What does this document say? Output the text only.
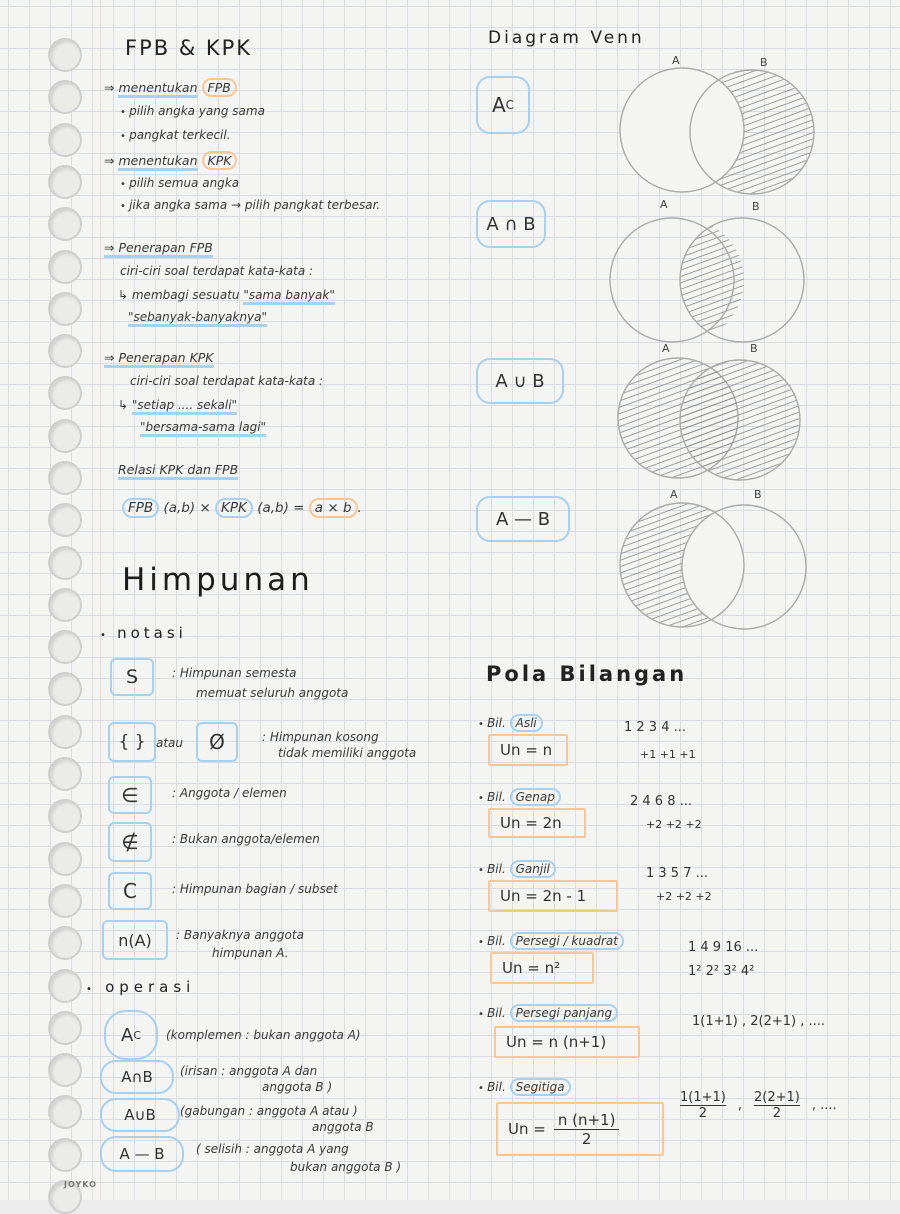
FPB & KPK
⇒ menentukan FPB
• pilih angka yang sama
• pangkat terkecil.
⇒ menentukan KPK
• pilih semua angka
• jika angka sama → pilih pangkat terbesar.
⇒ Penerapan FPB
ciri-ciri soal terdapat kata-kata :
↳ membagi sesuatu "sama banyak"
"sebanyak-banyaknya"
⇒ Penerapan KPK
ciri-ciri soal terdapat kata-kata :
↳ "setiap .... sekali"
"bersama-sama lagi"
Relasi KPK dan FPB
FPB (a,b) × KPK (a,b) = a × b .
Diagram Venn
A C
A ∩ B
A ∪ B
A — B
A	B
A	B
A	B
A	B
Himpunan
• notasi
S	: Himpunan semesta
memuat seluruh anggota
{ } atau	Ø	: Himpunan kosong
tidak memiliki anggota
∈	: Anggota / elemen
∉	: Bukan anggota/elemen
C	: Himpunan bagian / subset
n(A)	: Banyaknya anggota
himpunan A.
• operasi
A C (komplemen : bukan anggota A)
A∩B	(irisan : anggota A dan
anggota B )
A∪B	(gabungan : anggota A atau )
anggota B
A — B	( selisih : anggota A yang
bukan anggota B )
JOYKO
Pola Bilangan
• Bil. Asli
Un = n
1 2 3 4 ...
+1 +1 +1
• Bil. Genap
Un = 2n
2 4 6 8 ...
+2 +2 +2
• Bil. Ganjil
Un = 2n - 1
1 3 5 7 ...
+2 +2 +2
• Bil. Persegi / kuadrat
Un = n²
1 4 9 16 ...
1² 2² 3² 4²
• Bil. Persegi panjang
Un = n (n+1)
1(1+1) , 2(2+1) , ....
• Bil. Segitiga
$Un = \frac{n (n+1)}{2}$
1(1+1)
2
,
2(2+1)
2
, ....
